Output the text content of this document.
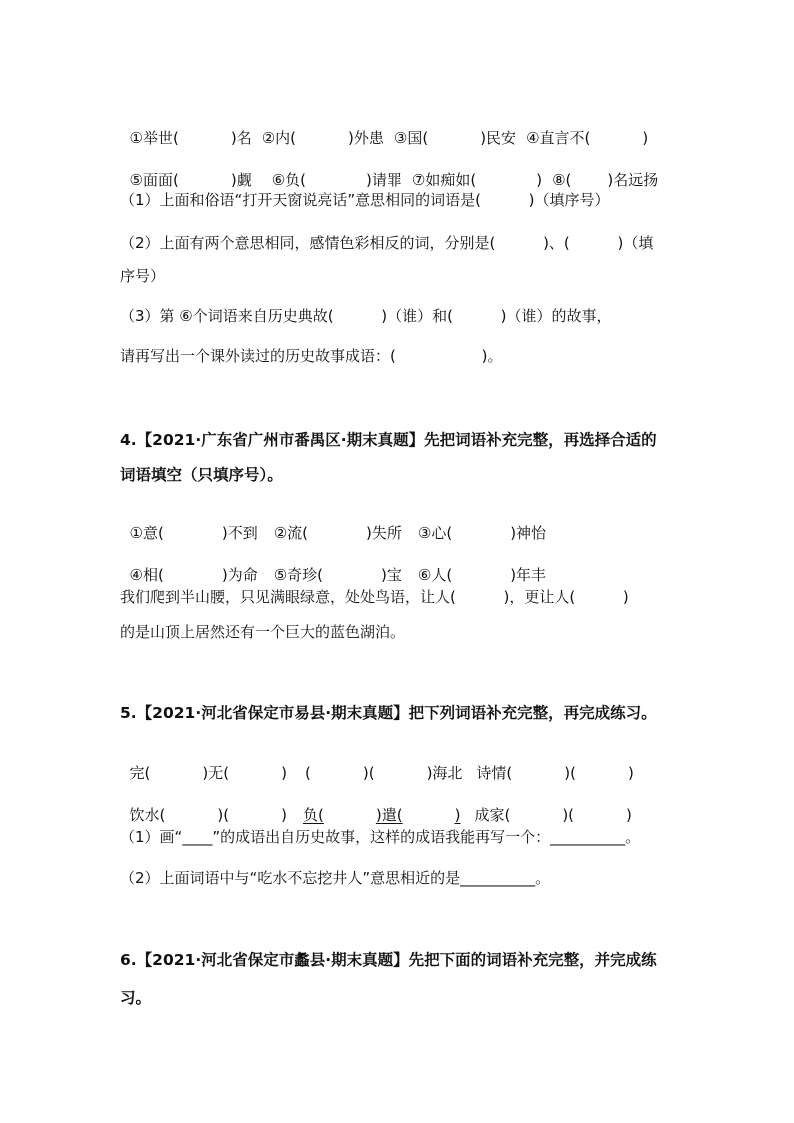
①举世(	)名 ②内(	)外患 ③国(	)民安 ④直言不(	)

⑤面面(	)觑 ⑥负(	)请罪 ⑦如痴如(	) ⑧( )名远扬

（1）上面和俗语“打开天窗说亮话”意思相同的词语是(          )（填序号）
（2）上面有两个意思相同，感情色彩相反的词，分别是(          )、(          )（填
序号）
（3）第 ⑥个词语来自历史典故(          )（谁）和(          )（谁）的故事，
请再写出一个课外读过的历史故事成语：(                  )。
4.【2021·广东省广州市番禺区·期末真题】先把词语补充完整，再选择合适的
词语填空（只填序号）。

①意(	)不到 ②流(	)失所 ③心(	)神怡

④相(	)为命 ⑤奇珍(	)宝 ⑥人(	)年丰

我们爬到半山腰，只见满眼绿意，处处鸟语，让人(          )，更让人(          )
的是山顶上居然还有一个巨大的蓝色湖泊。
5.【2021·河北省保定市易县·期末真题】把下列词语补充完整，再完成练习。

完(	)无(	) (	)(	)海北 诗情(	)(	)

饮水(	)(	) 负(	)遣(	) 成家(	)(	)

（1）画“____”的成语出自历史故事，这样的成语我能再写一个：__________。
（2）上面词语中与“吃水不忘挖井人”意思相近的是__________。
6.【2021·河北省保定市蠡县·期末真题】先把下面的词语补充完整，并完成练
习。
